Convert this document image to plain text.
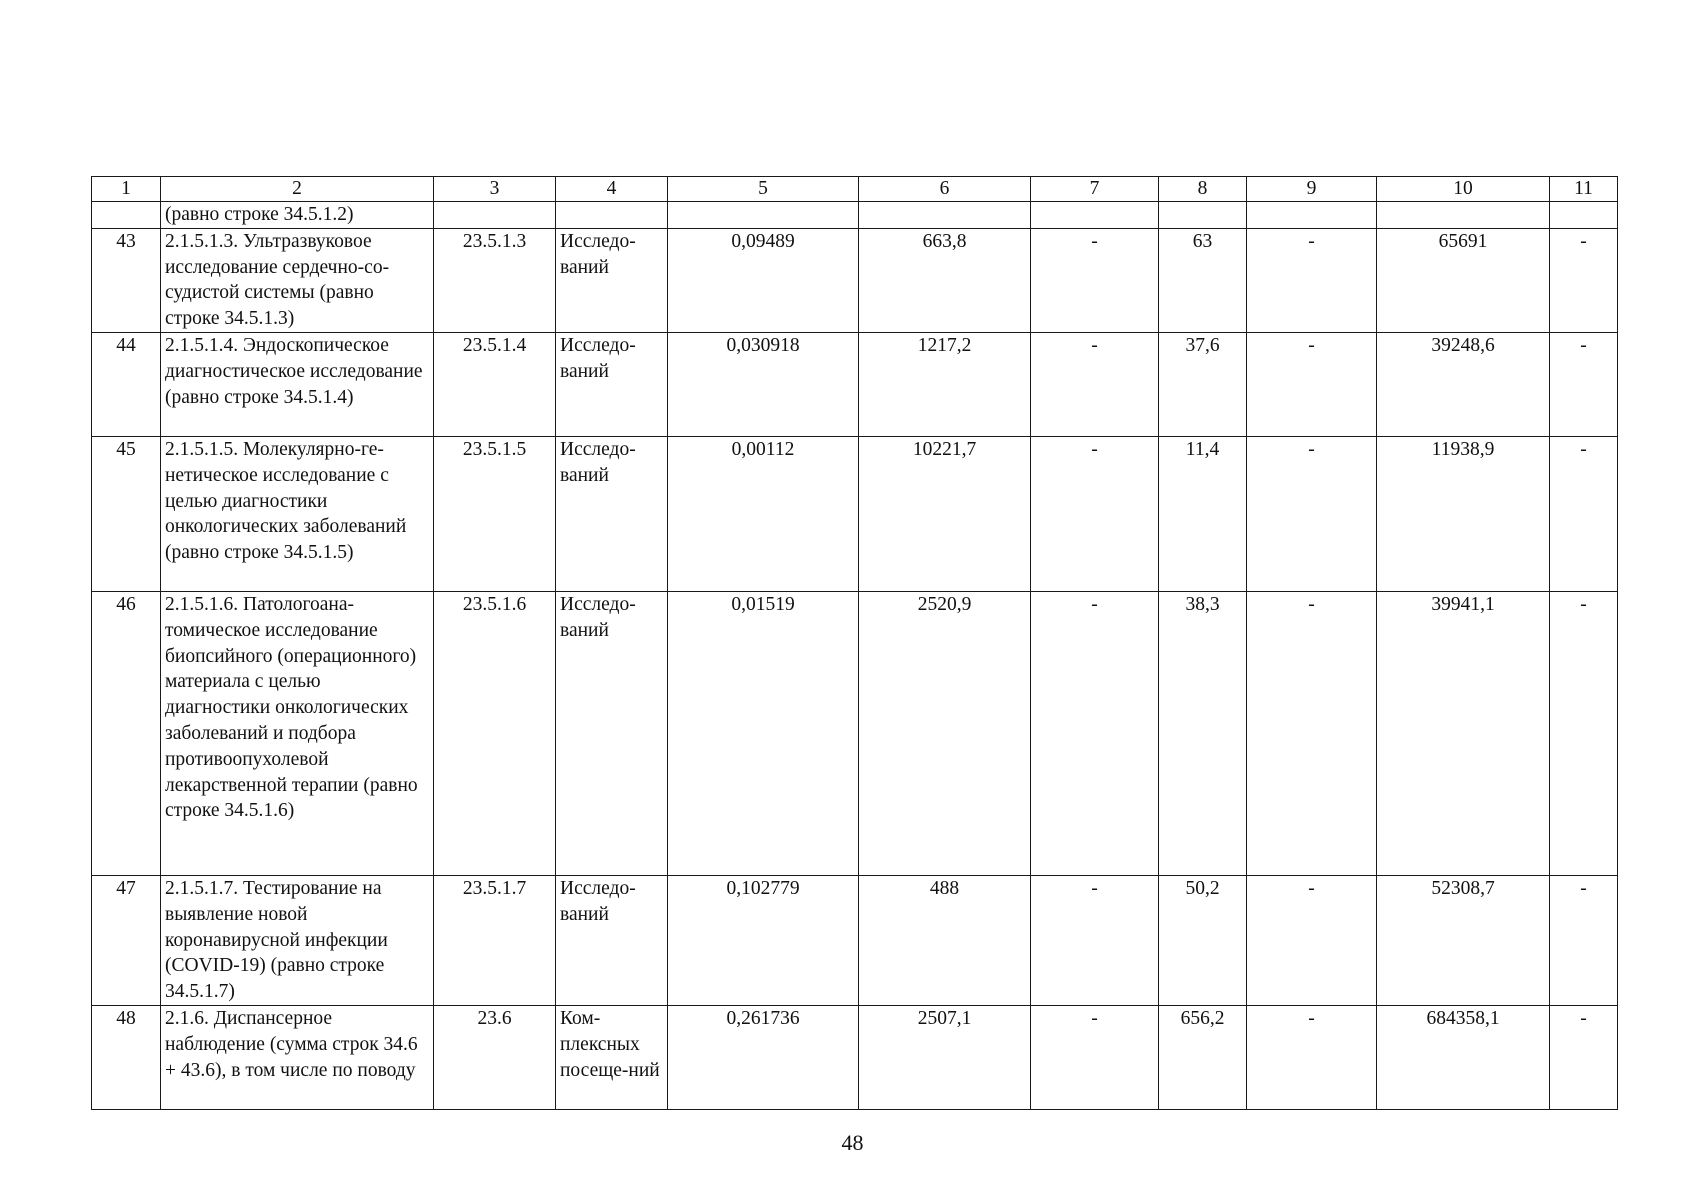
1	2	3	4	5	6	7	8	9	10	11
	(равно строке 34.5.1.2)									
43	2.1.5.1.3. Ультразвуковое исследование сердечно-со-судистой системы (равно строке 34.5.1.3)	23.5.1.3	Исследо-ваний	0,09489	663,8	-	63	-	65691	-
44	2.1.5.1.4. Эндоскопическое диагностическое исследование (равно строке 34.5.1.4)	23.5.1.4	Исследо-ваний	0,030918	1217,2	-	37,6	-	39248,6	-
45	2.1.5.1.5. Молекулярно-ге-нетическое исследование с целью диагностики онкологических заболеваний (равно строке 34.5.1.5)	23.5.1.5	Исследо-ваний	0,00112	10221,7	-	11,4	-	11938,9	-
46	2.1.5.1.6. Патологоана-томическое исследование биопсийного (операционного) материала с целью диагностики онкологических заболеваний и подбора противоопухолевой лекарственной терапии (равно строке 34.5.1.6)	23.5.1.6	Исследо-ваний	0,01519	2520,9	-	38,3	-	39941,1	-
47	2.1.5.1.7. Тестирование на выявление новой коронавирусной инфекции (COVID-19) (равно строке 34.5.1.7)	23.5.1.7	Исследо-ваний	0,102779	488	-	50,2	-	52308,7	-
48	2.1.6. Диспансерное наблюдение (сумма строк 34.6 + 43.6), в том числе по поводу	23.6	Ком-плексных посеще-ний	0,261736	2507,1	-	656,2	-	684358,1	-
48
